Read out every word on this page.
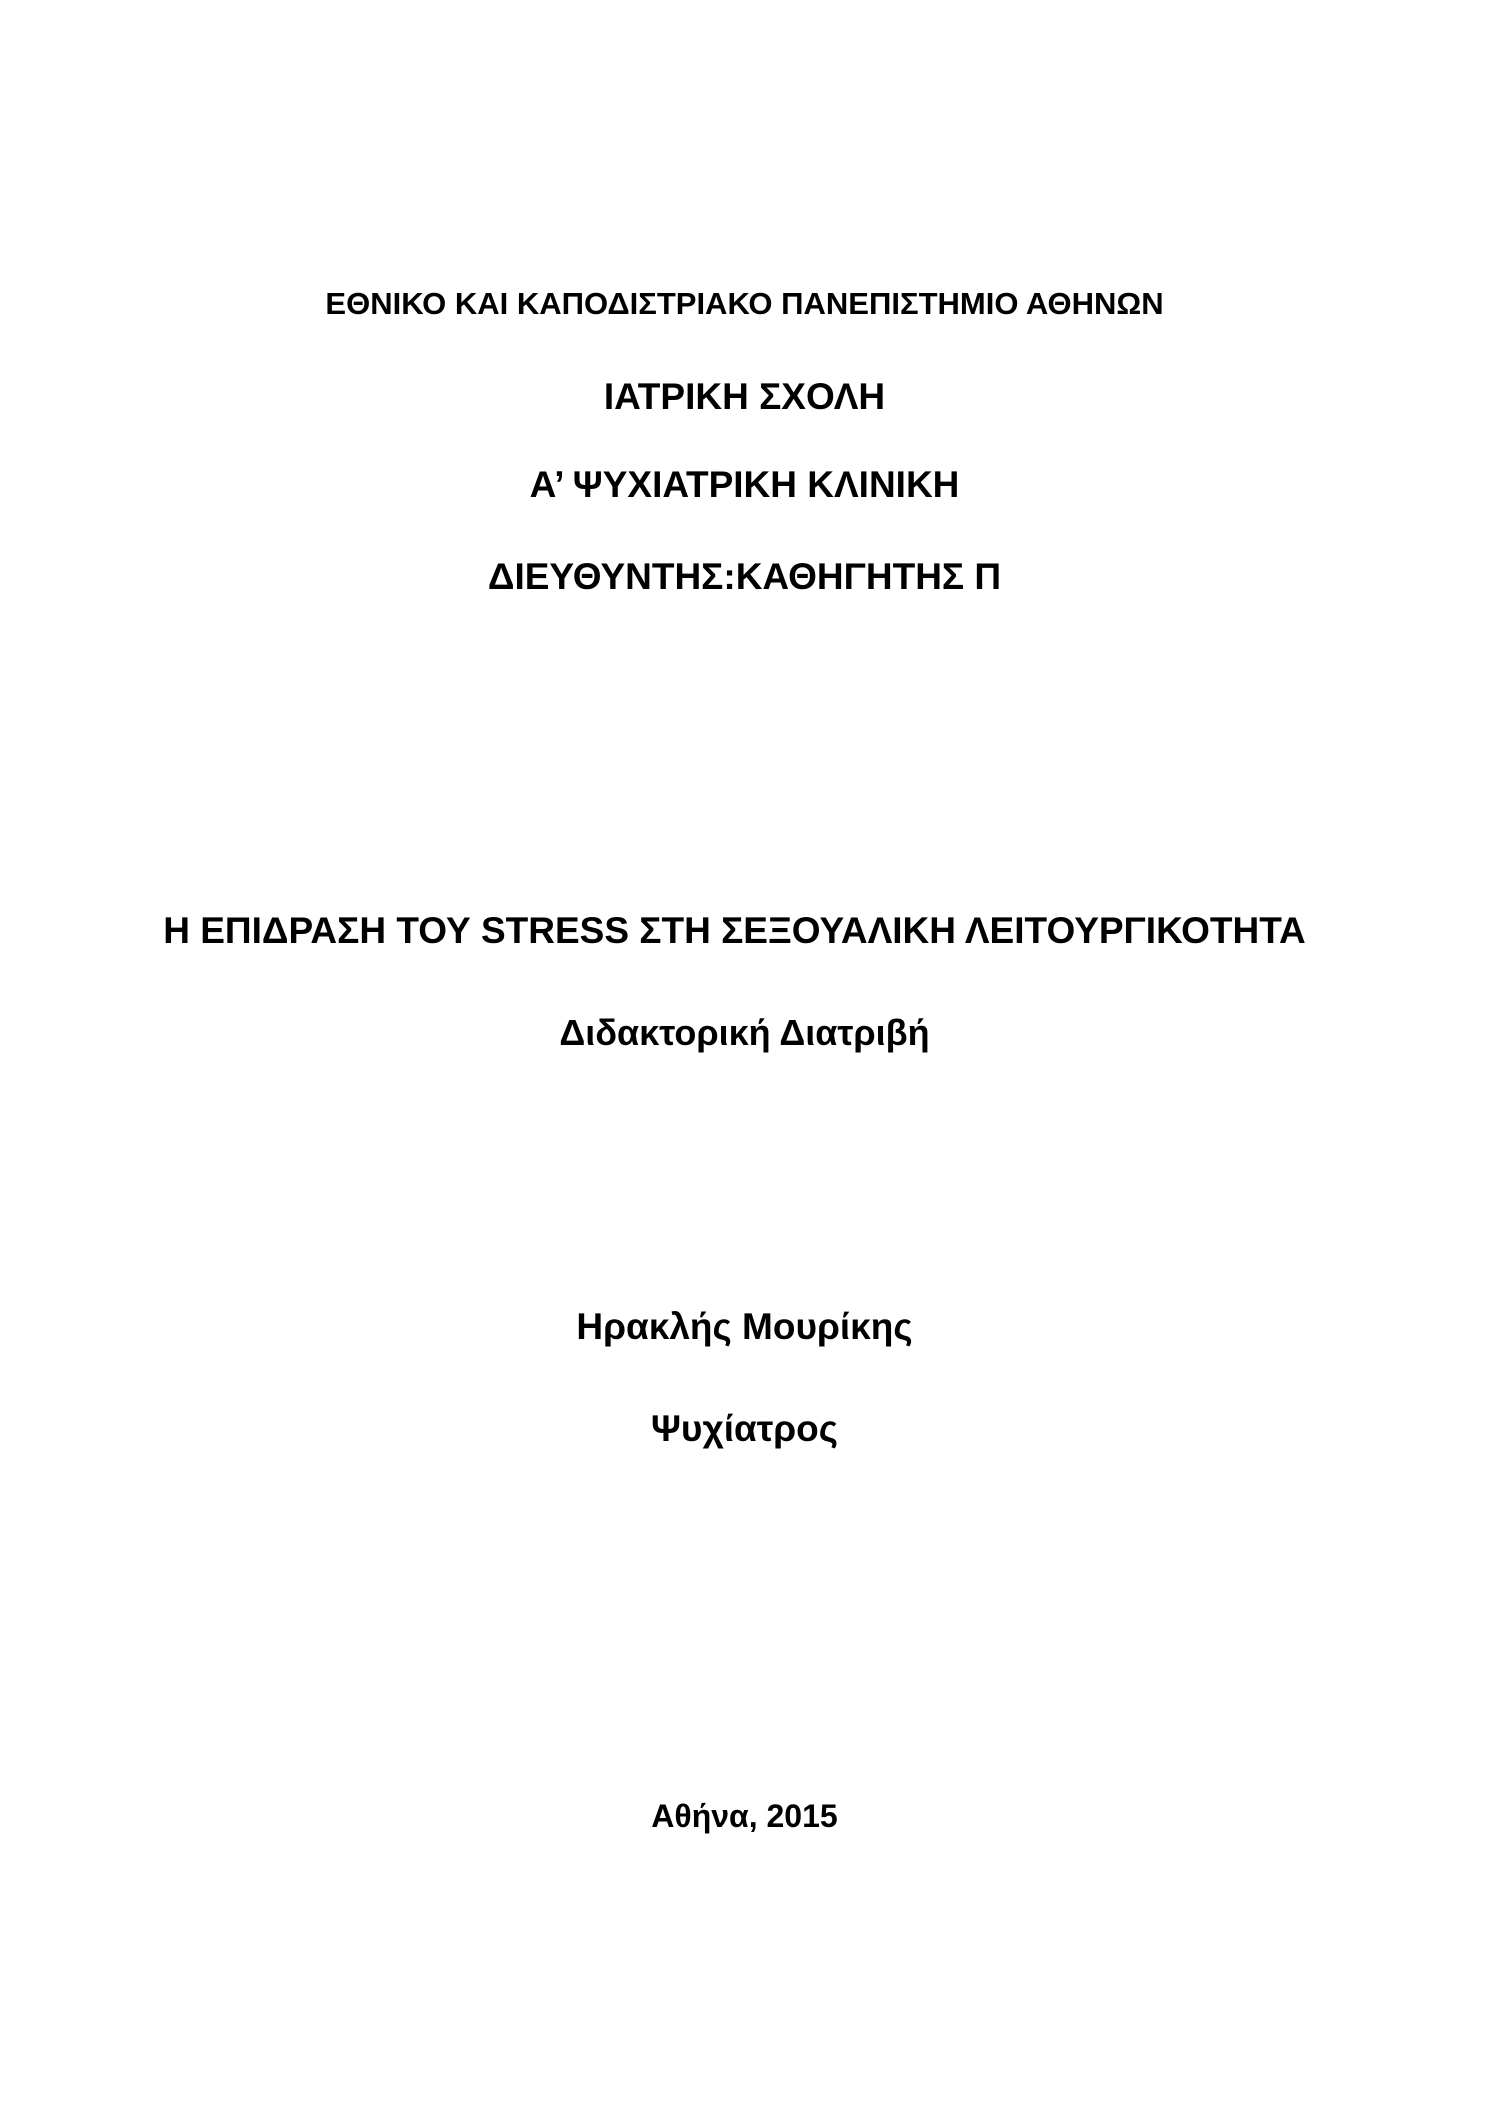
ΕΘΝΙΚΟ ΚΑΙ ΚΑΠΟΔΙΣΤΡΙΑΚΟ ΠΑΝΕΠΙΣΤΗΜΙΟ ΑΘΗΝΩΝ
ΙΑΤΡΙΚΗ ΣΧΟΛΗ
Α’ ΨΥΧΙΑΤΡΙΚΗ ΚΛΙΝΙΚΗ
ΔΙΕΥΘΥΝΤΗΣ:ΚΑΘΗΓΗΤΗΣ Π
Η ΕΠΙΔΡΑΣΗ ΤΟΥ STRESS ΣΤΗ ΣΕΞΟΥΑΛΙΚΗ ΛΕΙΤΟΥΡΓΙΚΟΤΗΤΑ
Διδακτορική Διατριβή
Ηρακλής Μουρίκης
Ψυχίατρος
Αθήνα, 2015
